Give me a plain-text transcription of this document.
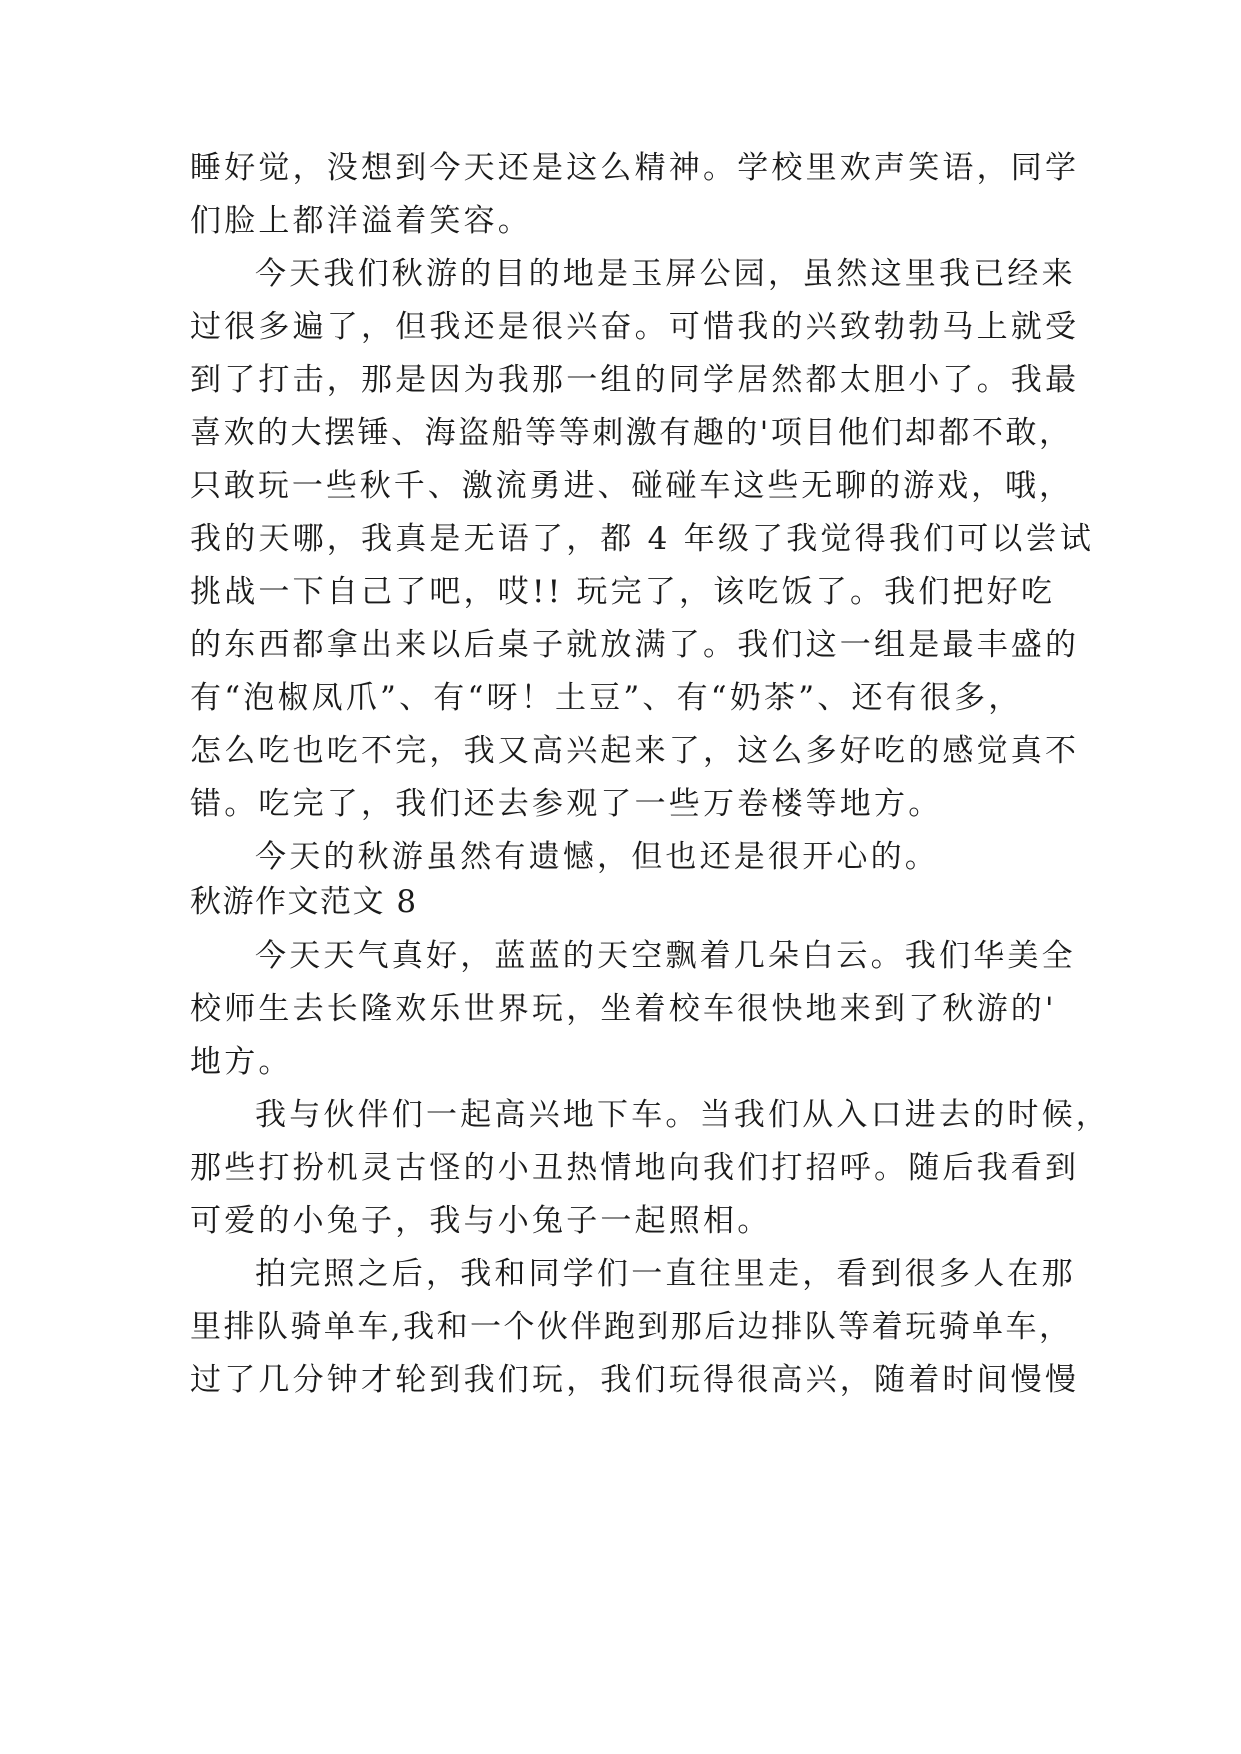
睡好觉，没想到今天还是这么精神。学校里欢声笑语，同学
们脸上都洋溢着笑容。
今天我们秋游的目的地是玉屏公园，虽然这里我已经来
过很多遍了，但我还是很兴奋。可惜我的兴致勃勃马上就受
到了打击，那是因为我那一组的同学居然都太胆小了。我最
喜欢的大摆锤、海盗船等等刺激有趣的'项目他们却都不敢，
只敢玩一些秋千、激流勇进、碰碰车这些无聊的游戏，哦，
我的天哪，我真是无语了，都 4 年级了我觉得我们可以尝试
挑战一下自己了吧，哎!! 玩完了，该吃饭了。我们把好吃
的东西都拿出来以后桌子就放满了。我们这一组是最丰盛的
有“泡椒凤爪”、有“呀！土豆”、有“奶茶”、还有很多，
怎么吃也吃不完，我又高兴起来了，这么多好吃的感觉真不
错。吃完了，我们还去参观了一些万卷楼等地方。
今天的秋游虽然有遗憾，但也还是很开心的。
秋游作文范文 8
今天天气真好，蓝蓝的天空飘着几朵白云。我们华美全
校师生去长隆欢乐世界玩，坐着校车很快地来到了秋游的'
地方。
我与伙伴们一起高兴地下车。当我们从入口进去的时候，
那些打扮机灵古怪的小丑热情地向我们打招呼。随后我看到
可爱的小兔子，我与小兔子一起照相。
拍完照之后，我和同学们一直往里走，看到很多人在那
里排队骑单车,我和一个伙伴跑到那后边排队等着玩骑单车，
过了几分钟才轮到我们玩，我们玩得很高兴，随着时间慢慢
